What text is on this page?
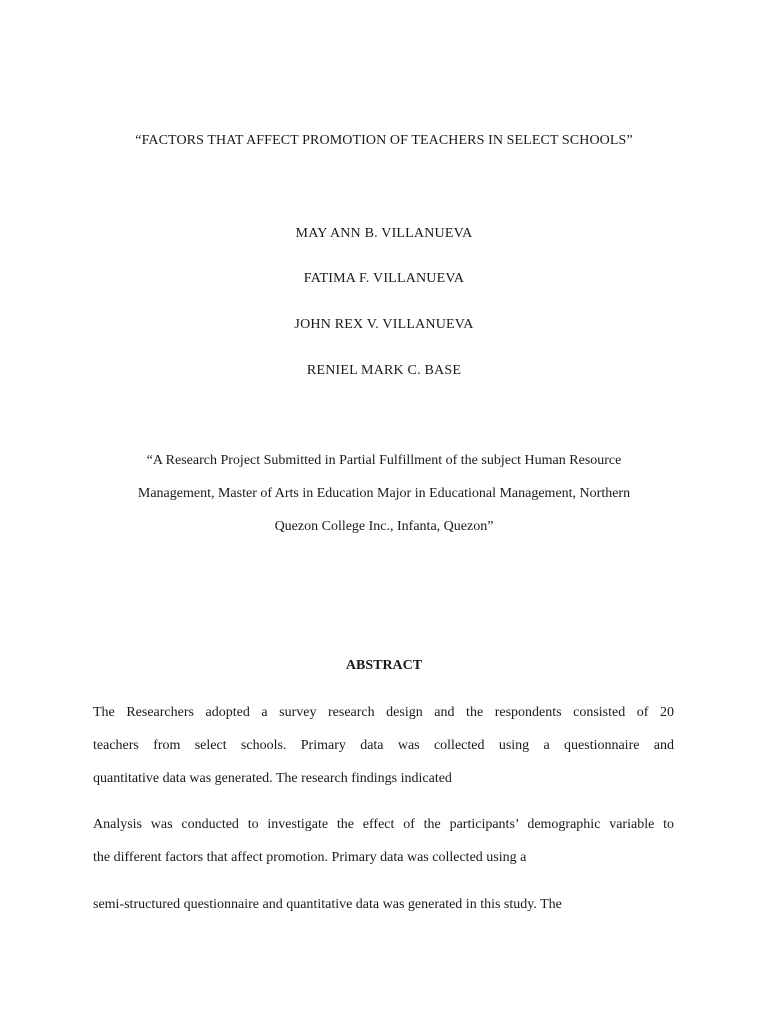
“FACTORS THAT AFFECT PROMOTION OF TEACHERS IN SELECT SCHOOLS”
MAY ANN B. VILLANUEVA
FATIMA F. VILLANUEVA
JOHN REX V. VILLANUEVA
RENIEL MARK C. BASE
“A Research Project Submitted in Partial Fulfillment of the subject Human Resource
Management, Master of Arts in Education Major in Educational Management, Northern
Quezon College Inc., Infanta, Quezon”
ABSTRACT
The Researchers adopted a survey research design and the respondents consisted of 20
teachers from select schools. Primary data was collected using a questionnaire and
quantitative data was generated. The research findings indicated
Analysis was conducted to investigate the effect of the participants’ demographic variable to
the different factors that affect promotion. Primary data was collected using a
semi-structured questionnaire and quantitative data was generated in this study. The
